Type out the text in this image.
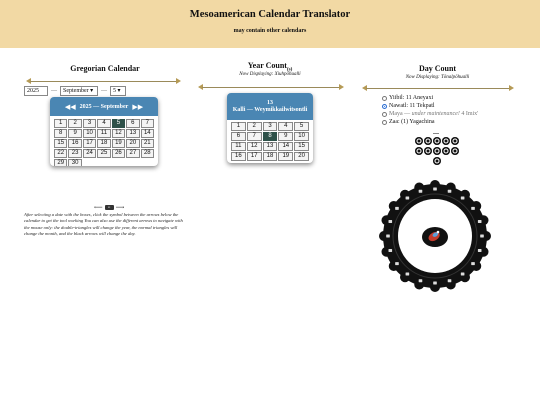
Mesoamerican Calendar Translator
may contain other calendars
Gregorian Calendar
2025	—	September ▾	—	5 ▾
◀◀ 2025 — September ▶▶
1	2	3	4	5	6	7
8	9	10	11	12	13	14
15	16	17	18	19	20	21
22	23	24	25	26	27	28
29	30
⟵	▪▪ ⟶
After selecting a date with the boxes, click the symbol between the arrows below the calendar to get the tool working You can also use the different arrows to navigate with the mouse only: the double-triangles will change the year, the normal triangles will change the month, and the black arrows will change the day.
Year Count$_{(s)}$
Now Displaying: Xiuhpōhualli
13
Kalli — Weymikkailwitsontli
1	2	3	4	5
6	7	8	9	10
11	12	13	14	15
16	17	18	19	20
Day Count
Now Displaying: Tōnalpōhualli
Yiibil: 11 Aneyaxi
Nawatl: 11 Tekpatl
Maya — under maintenance! 4 Imix'
Zaa: (1) Yagachina
